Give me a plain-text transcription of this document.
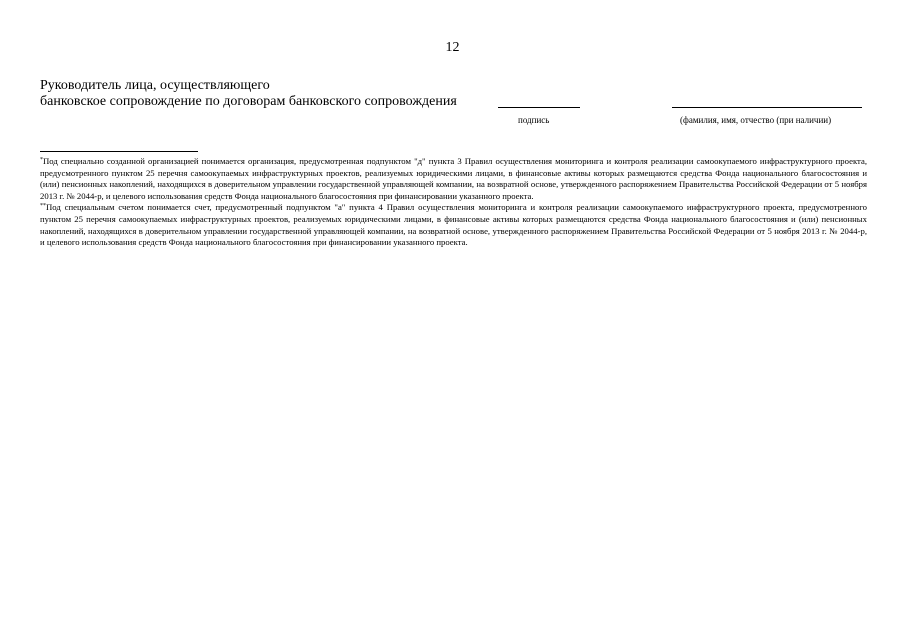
12
Руководитель лица, осуществляющего
банковское сопровождение по договорам банковского сопровождения
подпись	(фамилия, имя, отчество (при наличии)

*Под специально созданной организацией понимается организация, предусмотренная подпунктом "д" пункта 3 Правил осуществления мониторинга и контроля реализации самоокупаемого инфраструктурного проекта, предусмотренного пунктом 25 перечня самоокупаемых инфраструктурных проектов, реализуемых юридическими лицами, в финансовые активы которых размещаются средства Фонда национального благосостояния и (или) пенсионных накоплений, находящихся в доверительном управлении государственной управляющей компании, на возвратной основе, утвержденного распоряжением Правительства Российской Федерации от 5 ноября 2013 г. № 2044-р, и целевого использования средств Фонда национального благосостояния при финансировании указанного проекта.

**Под специальным счетом понимается счет, предусмотренный подпунктом "а" пункта 4 Правил осуществления мониторинга и контроля реализации самоокупаемого инфраструктурного проекта, предусмотренного пунктом 25 перечня самоокупаемых инфраструктурных проектов, реализуемых юридическими лицами, в финансовые активы которых размещаются средства Фонда национального благосостояния и (или) пенсионных накоплений, находящихся в доверительном управлении государственной управляющей компании, на возвратной основе, утвержденного распоряжением Правительства Российской Федерации от 5 ноября 2013 г. № 2044-р, и целевого использования средств Фонда национального благосостояния при финансировании указанного проекта.
